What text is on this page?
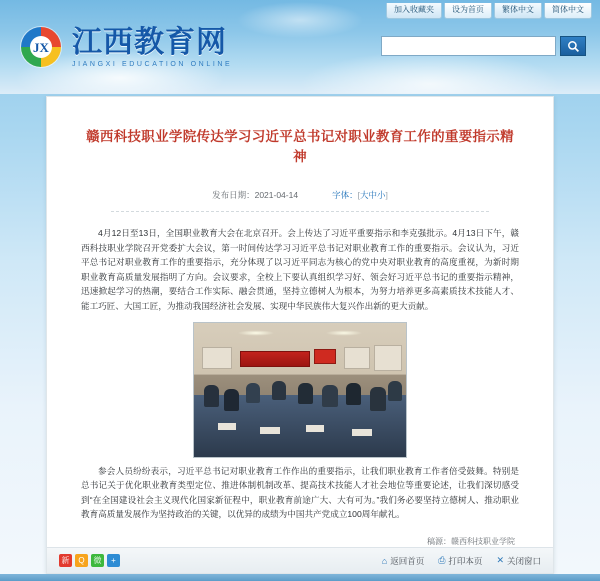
加入收藏夹	设为首页	繁体中文	简体中文
JX 江西教育网
JIANGXI EDUCATION ONLINE
赣西科技职业学院传达学习习近平总书记对职业教育工作的重要指示精神
发布日期：2021-04-14	字体：[大中小]
4月12日至13日，全国职业教育大会在北京召开。会上传达了习近平重要指示和李克强批示。4月13日下午，赣西科技职业学院召开党委扩大会议，第一时间传达学习习近平总书记对职业教育工作的重要指示。会议认为，习近平总书记对职业教育工作的重要指示，充分体现了以习近平同志为核心的党中央对职业教育的高度重视，为新时期职业教育高质量发展指明了方向。会议要求，全校上下要认真组织学习好、领会好习近平总书记的重要指示精神，迅速掀起学习的热潮，要结合工作实际、融会贯通，坚持立德树人为根本，为努力培养更多高素质技术技能人才、能工巧匠、大国工匠，为推动我国经济社会发展、实现中华民族伟大复兴作出新的更大贡献。
参会人员纷纷表示，习近平总书记对职业教育工作作出的重要指示，让我们职业教育工作者倍受鼓舞。特别是总书记关于优化职业教育类型定位、推进体制机制改革、提高技术技能人才社会地位等重要论述，让我们深切感受到“在全国建设社会主义现代化国家新征程中，职业教育前途广大、大有可为。”我们务必要坚持立德树人、推动职业教育高质量发展作为坚持政治的关键，以优异的成绩为中国共产党成立100周年献礼。
稿源：赣西科技职业学院
新	Q	微	+	⌂ 返回首页 ⎙ 打印本页 ✕ 关闭窗口
